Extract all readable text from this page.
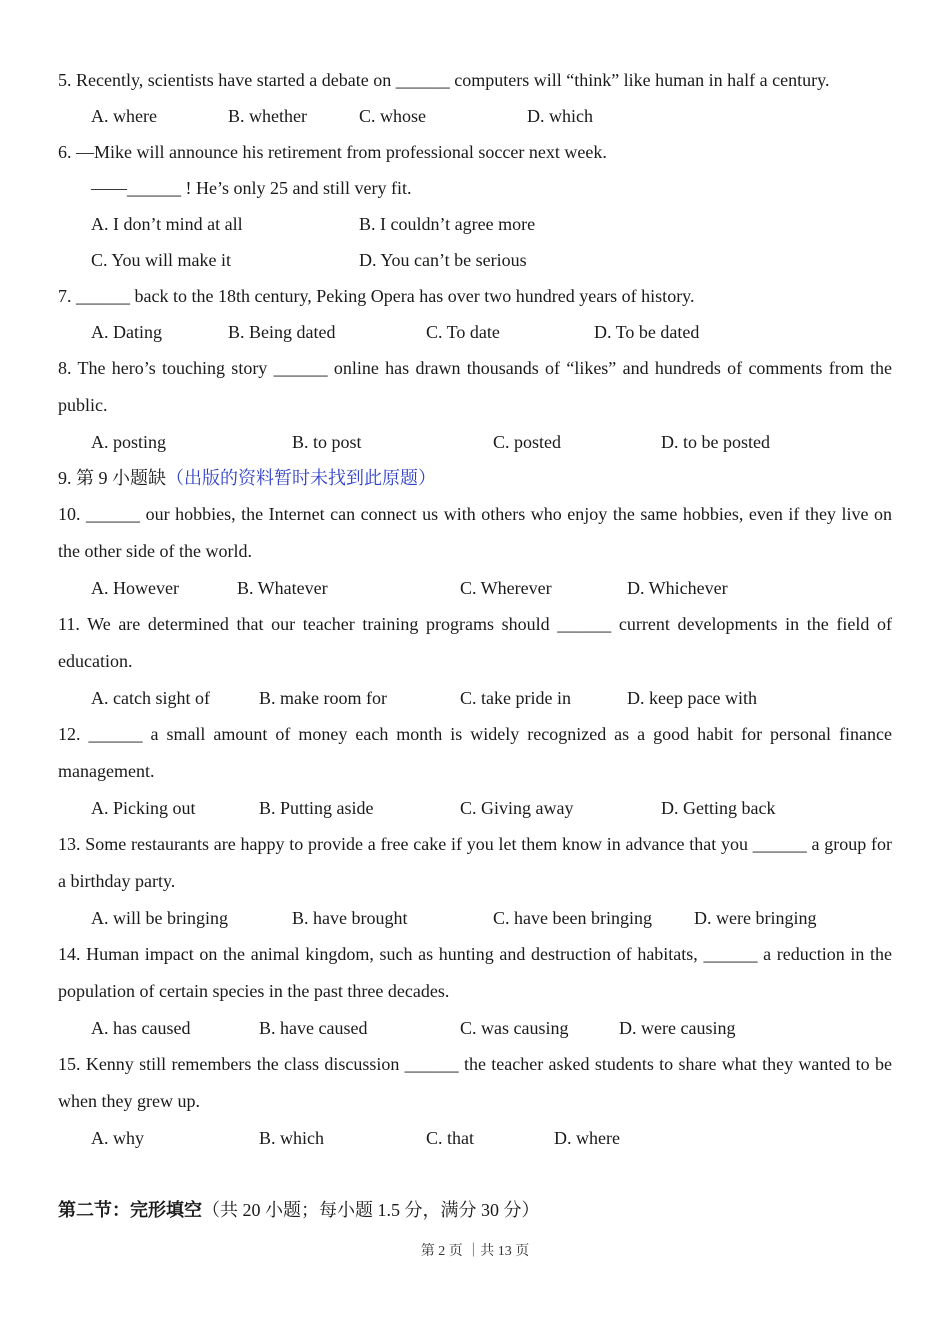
5. Recently, scientists have started a debate on ______ computers will “think” like human in half a century.

A. where	B. whether	C. whose	D. which

6. —Mike will announce his retirement from professional soccer next week.

——______ ! He’s only 25 and still very fit.

A. I don’t mind at all	B. I couldn’t agree more
C. You will make it	D. You can’t be serious

7. ______ back to the 18th century, Peking Opera has over two hundred years of history.

A. Dating	B. Being dated	C. To date	D. To be dated

8. The hero’s touching story ______ online has drawn thousands of “likes” and hundreds of comments from the public.

A. posting	B. to post	C. posted	D. to be posted

9. 第 9 小题缺（出版的资料暂时未找到此原题）

10. ______ our hobbies, the Internet can connect us with others who enjoy the same hobbies, even if they live on the other side of the world.

A. However	B. Whatever	C. Wherever	D. Whichever

11. We are determined that our teacher training programs should ______ current developments in the field of education.

A. catch sight of	B. make room for	C. take pride in	D. keep pace with

12. ______ a small amount of money each month is widely recognized as a good habit for personal finance management.

A. Picking out	B. Putting aside	C. Giving away	D. Getting back

13. Some restaurants are happy to provide a free cake if you let them know in advance that you ______ a group for a birthday party.

A. will be bringing	B. have brought	C. have been bringing D. were bringing

14. Human impact on the animal kingdom, such as hunting and destruction of habitats, ______ a reduction in the population of certain species in the past three decades.

A. has caused	B. have caused	C. was causing	D. were causing

15. Kenny still remembers the class discussion ______ the teacher asked students to share what they wanted to be when they grew up.

A. why	B. which	C. that	D. where
第二节：完形填空（共 20 小题；每小题 1.5 分，满分 30 分）
第 2 页 ｜共 13 页
